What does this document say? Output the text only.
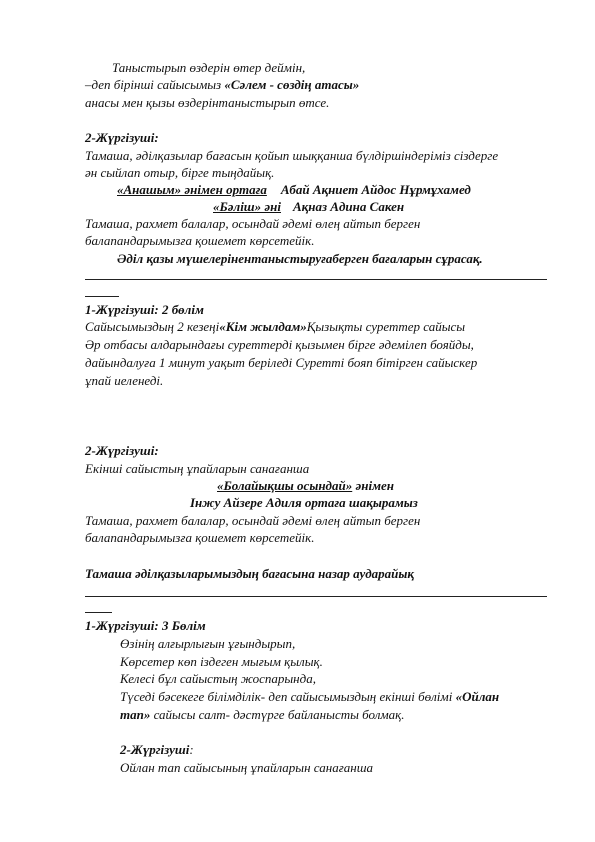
Таныстырып өздерін өтер деймін,
–деп бірінші сайысымыз «Сәлем - сөздің атасы»
анасы мен қызы өздерінтаныстырып өтсе.
2-Жүргізуші:
Тамаша, әділқазылар бағасын қойып шыққанша бүлдіршіндеріміз сіздерге
ән сыйлап отыр, бірге тыңдайық.
«Анашым» әнімен ортаға Абай Ақниет Айдос Нұрмұхамед
«Бәліш» әні Ақназ Адина Сакен
Тамаша, рахмет балалар, осындай әдемі өлең айтып берген
балапандарымызға қошемет көрсетейік.
Әділ қазы мүшелерінентаныстыруғаберген бағаларын сұрасақ.
1-Жүргізуші: 2 бөлім
Сайысымыздың 2 кезеңі«Кім жылдам»Қызықты суреттер сайысы
Әр отбасы алдарындағы суреттерді қызымен бірге әдемілеп бояйды,
дайындалуға 1 минут уақыт беріледі Суретті бояп бітірген сайыскер
ұпай иеленеді.
2-Жүргізуші:
Екінші сайыстың ұпайларын санағанша
«Болайықшы осындай» әнімен
Інжу Айзере Адиля ортаға шақырамыз
Тамаша, рахмет балалар, осындай әдемі өлең айтып берген
балапандарымызға қошемет көрсетейік.
Тамаша әділқазыларымыздың бағасына назар аударайық
1-Жүргізуші: 3 Бөлім
Өзінің алғырлығын ұғындырып,
Көрсетер көп іздеген мығым қылық.
Келесі бұл сайыстың жоспарында,
Түседі бәсекеге білімділік- деп сайысымыздың екінші бөлімі «Ойлан
тап» сайысы салт- дәстүрге байланысты болмақ.
2-Жүргізуші:
Ойлан тап сайысының ұпайларын санағанша
